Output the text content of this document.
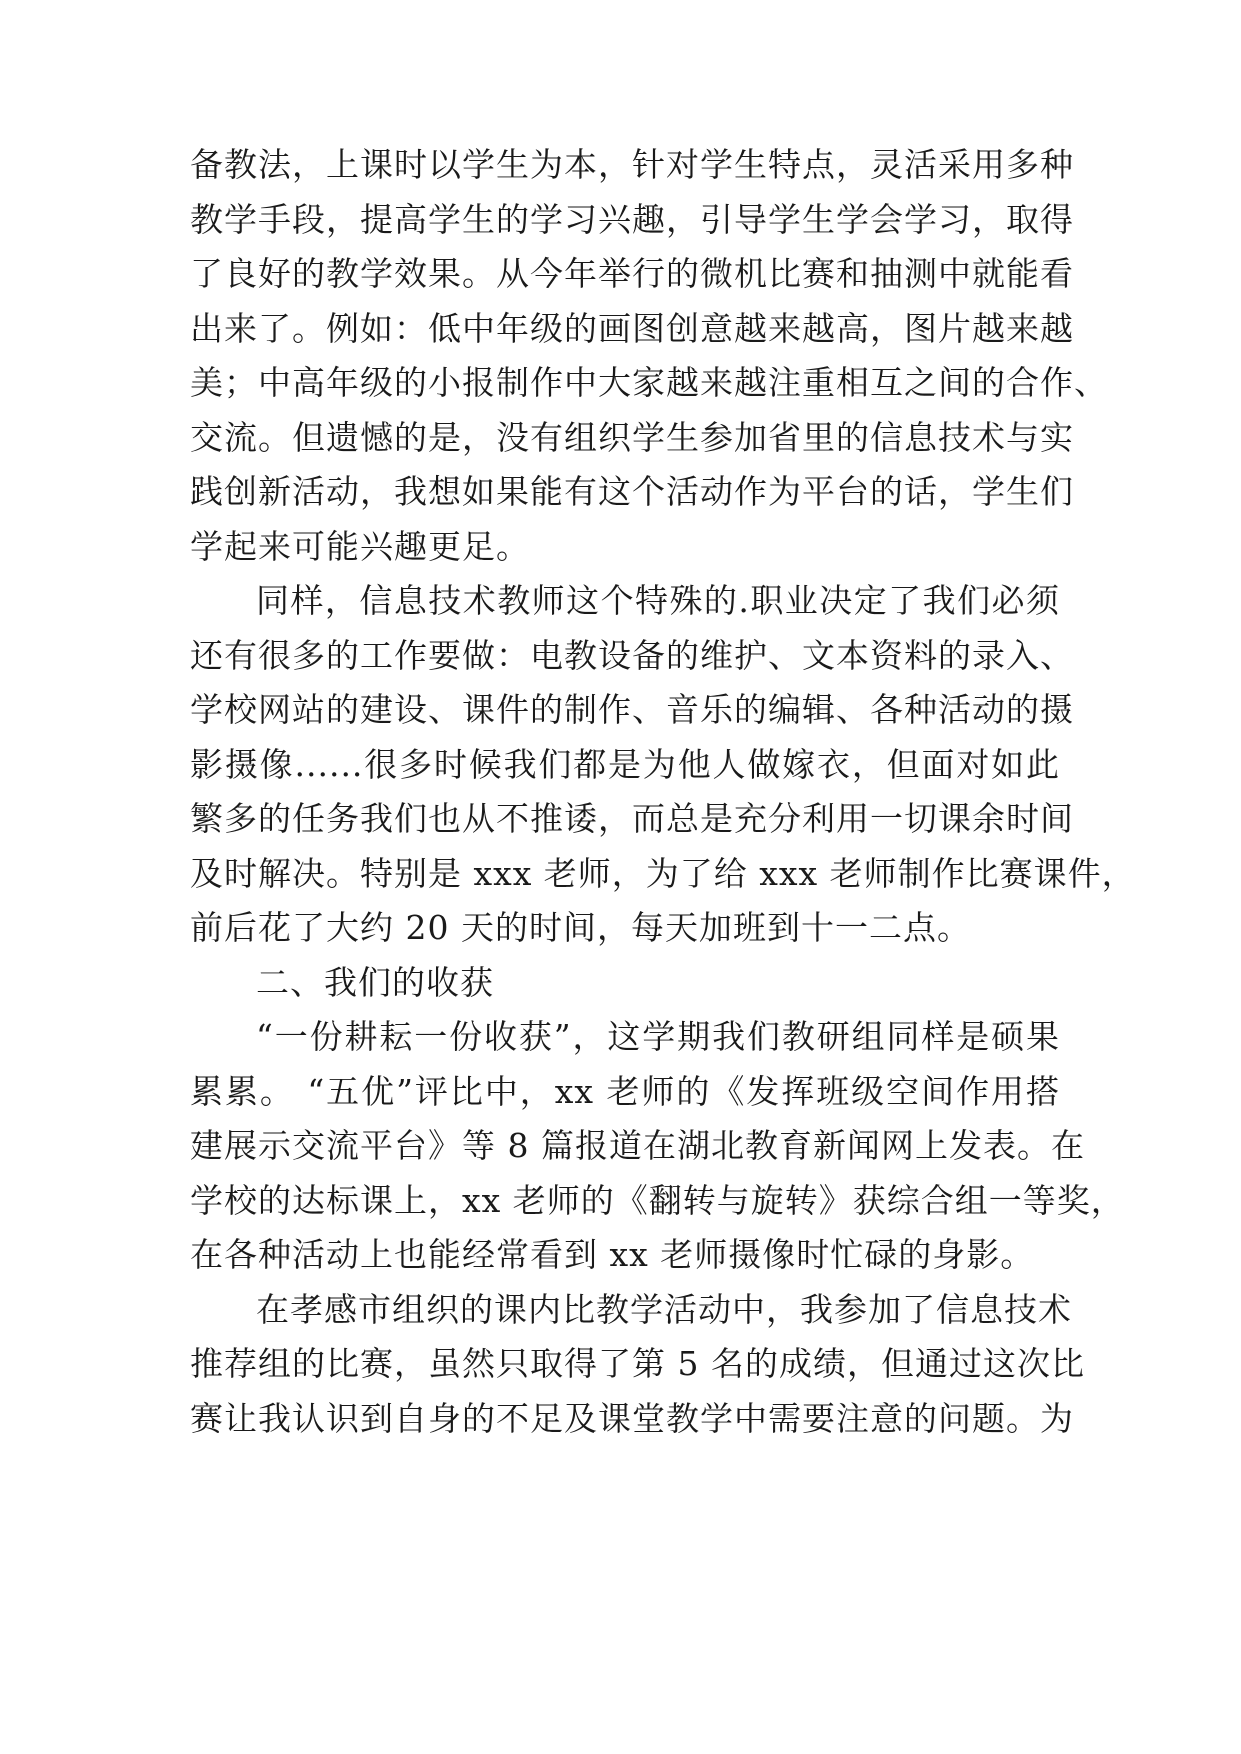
备教法，上课时以学生为本，针对学生特点，灵活采用多种
教学手段，提高学生的学习兴趣，引导学生学会学习，取得
了良好的教学效果。从今年举行的微机比赛和抽测中就能看
出来了。例如：低中年级的画图创意越来越高，图片越来越
美；中高年级的小报制作中大家越来越注重相互之间的合作、
交流。但遗憾的是，没有组织学生参加省里的信息技术与实
践创新活动，我想如果能有这个活动作为平台的话，学生们
学起来可能兴趣更足。
同样，信息技术教师这个特殊的.职业决定了我们必须
还有很多的工作要做：电教设备的维护、文本资料的录入、
学校网站的建设、课件的制作、音乐的编辑、各种活动的摄
影摄像......很多时候我们都是为他人做嫁衣，但面对如此
繁多的任务我们也从不推诿，而总是充分利用一切课余时间
及时解决。特别是 xxx 老师，为了给 xxx 老师制作比赛课件，
前后花了大约 20 天的时间，每天加班到十一二点。
二、我们的收获
“一份耕耘一份收获”，这学期我们教研组同样是硕果
累累。 “五优”评比中，xx 老师的《发挥班级空间作用搭
建展示交流平台》等 8 篇报道在湖北教育新闻网上发表。在
学校的达标课上，xx 老师的《翻转与旋转》获综合组一等奖，
在各种活动上也能经常看到 xx 老师摄像时忙碌的身影。
在孝感市组织的课内比教学活动中，我参加了信息技术
推荐组的比赛，虽然只取得了第 5 名的成绩，但通过这次比
赛让我认识到自身的不足及课堂教学中需要注意的问题。为
